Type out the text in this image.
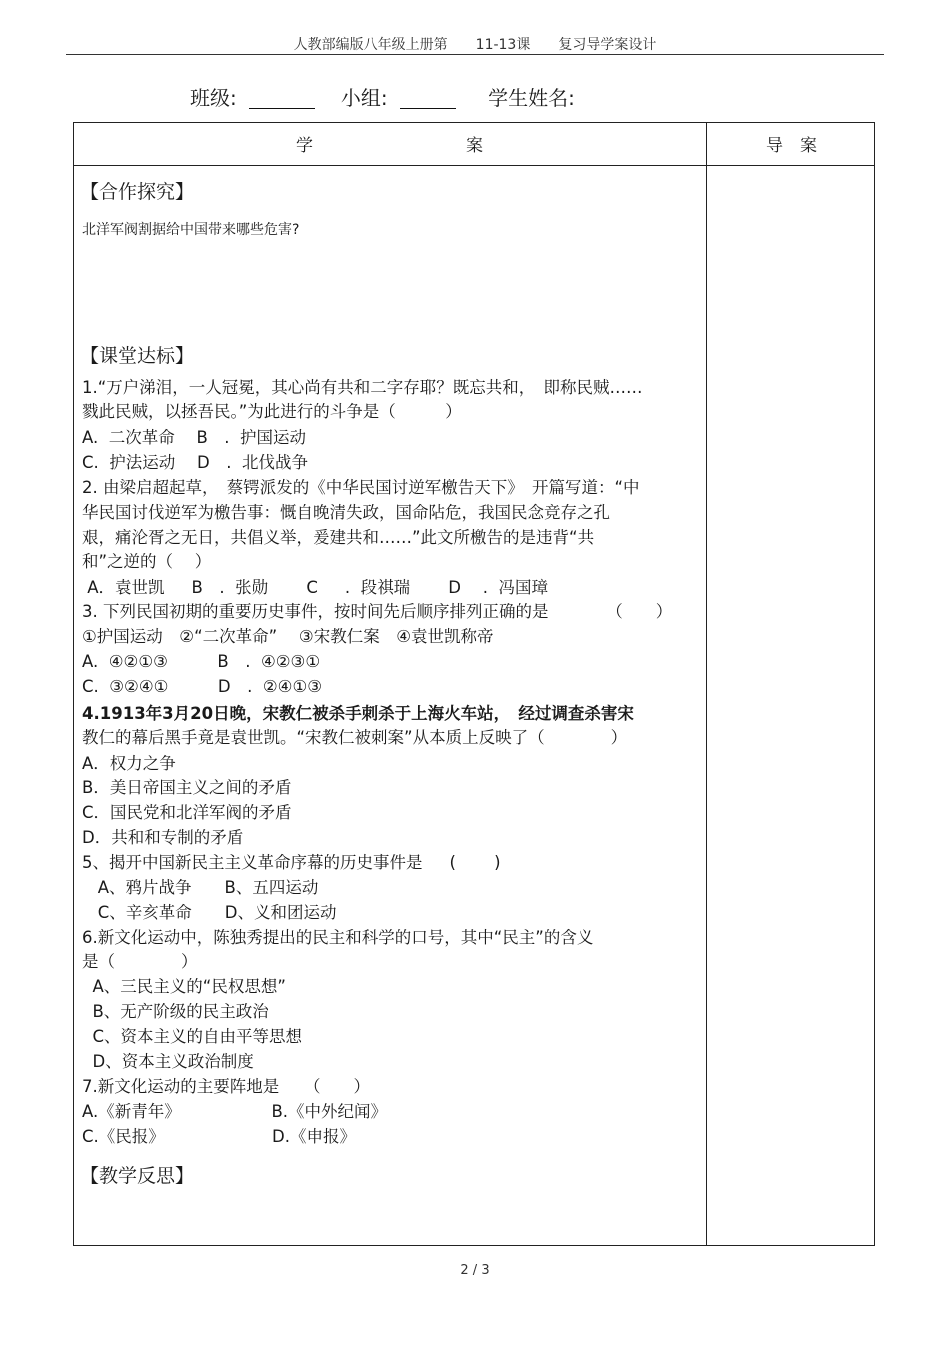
人教部编版八年级上册第　　11-13课　　复习导学案设计
班级:	小组:	学生姓名:
学　　　　　　　　　案	导　案
【合作探究】
北洋军阀割据给中国带来哪些危害?
【课堂达标】
1.“万户涕泪，一人冠冕，其心尚有共和二字存耶？既忘共和，　即称民贼……
戮此民贼，以拯吾民。”为此进行的斗争是（　　　）
A.  二次革命　 B　.  护国运动
C.  护法运动　 D　.  北伐战争
2. 由梁启超起草，　蔡锷派发的《中华民国讨逆军檄告天下》　开篇写道：“中
华民国讨伐逆军为檄告事：慨自晚清失政，国命阽危，我国民念竞存之孔
艰，痛沦胥之无日，共倡义举，爰建共和……”此文所檄告的是违背“共
和”之逆的（　 ）
A．袁世凯　  B　.  张勋　　 C　  .  段祺瑞　　 D　 .  冯国璋
3. 下列民国初期的重要历史事件，按时间先后顺序排列正确的是　　　　（　　）
①护国运动　②“二次革命”　 ③宋教仁案　④袁世凯称帝
A.  ④②①③　　　B　.  ④②③①
C.  ③②④①　　　D　.  ②④①③
4.1913年3月20日晚，宋教仁被杀手刺杀于上海火车站，　经过调查杀害宋
教仁的幕后黑手竟是袁世凯。“宋教仁被刺案”从本质上反映了（　　　　）
A．权力之争
B．美日帝国主义之间的矛盾
C．国民党和北洋军阀的矛盾
D．共和和专制的矛盾
5、揭开中国新民主主义革命序幕的历史事件是　  (　　 )
A、鸦片战争　　B、五四运动
C、辛亥革命　　D、义和团运动
6.新文化运动中，陈独秀提出的民主和科学的口号，其中“民主”的含义
是（　　　　）
A、三民主义的“民权思想”
B、无产阶级的民主政治
C、资本主义的自由平等思想
D、资本主义政治制度
7.新文化运动的主要阵地是　　（　　）
A.《新青年》　　　　　　B.《中外纪闻》
C.《民报》　　　　　　　D.《申报》
【教学反思】
2 / 3
